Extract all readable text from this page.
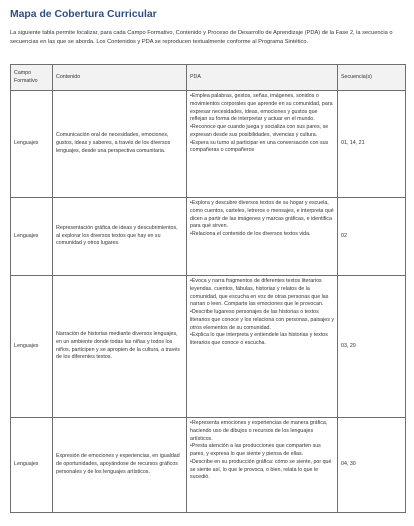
Mapa de Cobertura Curricular

La siguiente tabla permite localizar, para cada Campo Formativo, Contenido y Proceso de Desarrollo de Aprendizaje (PDA) de la Fase 2, la secuencia o secuencias en las que se aborda. Los Contenidos y PDA se reproducen textualmente conforme al Programa Sintético.

Campo Formativo	Contenido	PDA	Secuencia(s)
Lenguajes	Comunicación oral de necesidades, emociones, gustos, ideas y saberes, a través de los diversos lenguajes, desde una perspectiva comunitaria.	• Emplea palabras, gestos, señas, imágenes, sonidos o movimientos corporales que aprende en su comunidad, para expresar necesidades, ideas, emociones y gustos que reflejan su forma de interpretar y actuar en el mundo.
• Reconoce que cuando juega y socializa con sus pares, se expresan desde sus posibilidades, vivencias y cultura.
• Espera su turno al participar en una conversación con sus compañeras o compañeros	01, 14, 21
Lenguajes	Representación gráfica de ideas y descubrimientos, al explorar los diversos textos que hay en su comunidad y otros lugares.	• Explora y descubre diversos textos de su hogar y escuela, como cuentos, carteles, letreros o mensajes, e interpreta qué dicen a partir de las imágenes y marcas gráficas, e identifica para qué sirven.
• Relaciona el contenido de los diversos textos vida.	02
Lenguajes	Narración de historias mediante diversos lenguajes, en un ambiente donde todas las niñas y todos los niños, participen y se apropien de la cultura, a través de los diferentes textos.	• Evoca y narra fragmentos de diferentes textos literarios leyendas, cuentos, fábulas, historias y relatos de la comunidad, que escucha en voz de otras personas que las narran o leen. Comparte las emociones que le provocan.
• Describe lugareso personajes de las historias o textos literarios que conoce y los relaciona con personas, paisajes y otros elementos de su comunidad.
• Explica lo que interpreta y entiendele las historias y textos literarios que conoce o escucha.	03, 20
Lenguajes	Expresión de emociones y experiencias, en igualdad de oportunidades, apoyándose de recursos gráficos personales y de los lenguajes artísticos.	• Representa emociones y experiencias de manera gráfica, haciendo uso de dibujos o recursos de los lenguajes artísticos.
• Presta atención a las producciones que comparten sus pares, y expresa lo que siente y piensa de ellas.
• Describe en su producción gráfica: cómo se siente, por qué se siente así, lo que le provoca, o bien, relata lo que le sucedió.	04, 30
